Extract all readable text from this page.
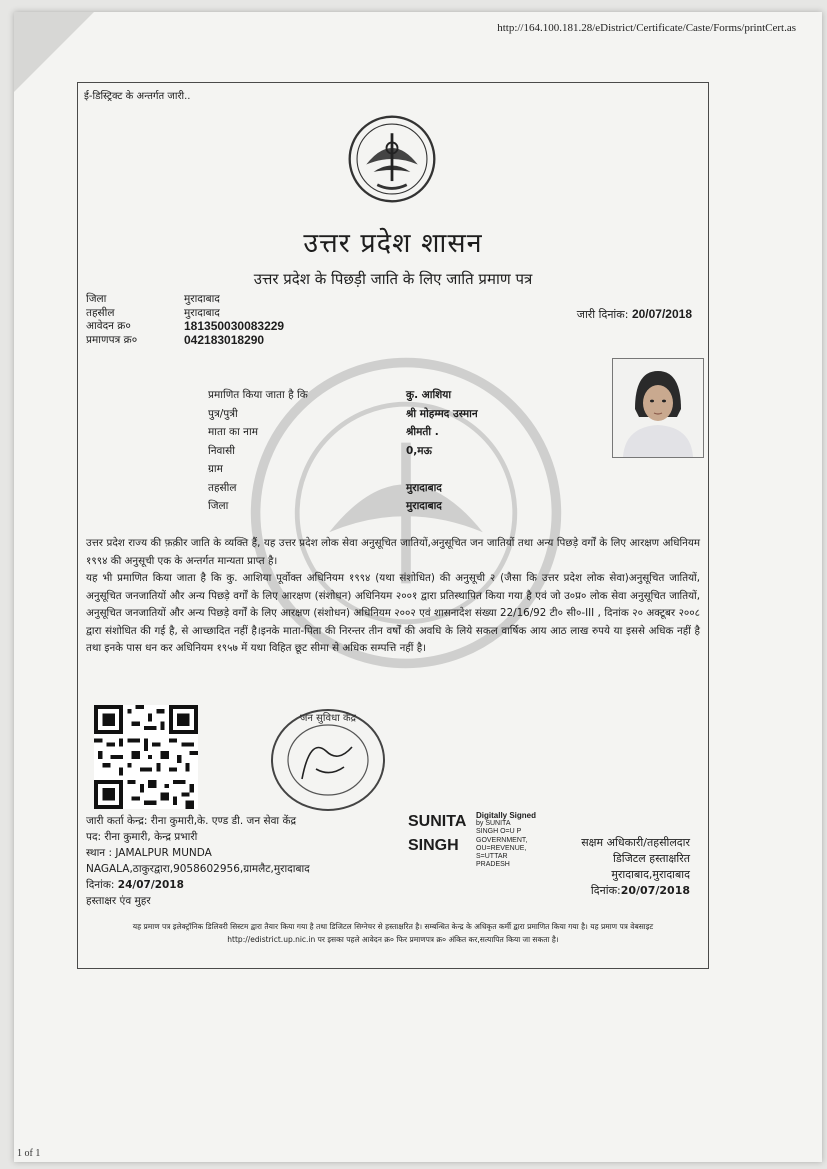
http://164.100.181.28/eDistrict/Certificate/Caste/Forms/printCert.as
ई-डिस्ट्रिक्ट के अन्तर्गत जारी..
उत्तर प्रदेश शासन
उत्तर प्रदेश के पिछड़ी जाति के लिए जाति प्रमाण पत्र
जिला	मुरादाबाद
तहसील	मुरादाबाद
आवेदन क्र०	181350030083229
प्रमाणपत्र क्र०	042183018290
जारी दिनांक: 20/07/2018
प्रमाणित किया जाता है कि	कु. आशिया
पुत्र/पुत्री	श्री मोहम्मद उस्मान
माता का नाम	श्रीमती .
निवासी	0,मऊ
ग्राम
तहसील	मुरादाबाद
जिला	मुरादाबाद
उत्तर प्रदेश राज्य की फ़क़ीर जाति के व्यक्ति हैं, यह उत्तर प्रदेश लोक सेवा अनुसूचित जातियों,अनुसूचित जन जातियों तथा अन्य पिछड़े वर्गों के लिए आरक्षण अधिनियम १९९४ की अनुसूची एक के अन्तर्गत मान्यता प्राप्त है।
यह भी प्रमाणित किया जाता है कि कु. आशिया पूर्वोक्त अधिनियम १९९४ (यथा संशोधित) की अनुसूची २ (जैसा कि उत्तर प्रदेश लोक सेवा)अनुसूचित जातियों, अनुसूचित जनजातियों और अन्य पिछड़े वर्गों के लिए आरक्षण (संशोधन) अधिनियम २००१ द्वारा प्रतिस्थापित किया गया है एवं जो उ०प्र० लोक सेवा अनुसूचित जातियों, अनुसूचित जनजातियों और अन्य पिछड़े वर्गों के लिए आरक्षण (संशोधन) अधिनियम २००२ एवं शासनादेश संख्या 22/16/92 टी० सी०-III , दिनांक २० अक्टूबर २००८ द्वारा संशोधित की गई है, से आच्छादित नहीं है।इनके माता-पिता की निरन्तर तीन वर्षों की अवधि के लिये सकल वार्षिक आय आठ लाख रुपये या इससे अधिक नहीं है तथा इनके पास धन कर अधिनियम १९५७ में यथा विहित छूट सीमा से अधिक सम्पत्ति नहीं है।
जन सुविधा केंद्र
जारी कर्ता केन्द्र: रीना कुमारी,के. एण्ड डी. जन सेवा केंद्र
पद: रीना कुमारी, केन्द्र प्रभारी
स्थान : JAMALPUR MUNDA
NAGALA,ठाकुरद्वारा,9058602956,ग्रामलैट,मुरादाबाद
दिनांक: 24/07/2018
हस्ताक्षर एंव मुहर
SUNITA
SINGH
Digitally Signed
by SUNITA
SINGH O=U P
GOVERNMENT,
OU=REVENUE,
S=UTTAR
PRADESH
सक्षम अधिकारी/तहसीलदार
डिजिटल हस्ताक्षरित
मुरादाबाद,मुरादाबाद
दिनांक:20/07/2018
यह प्रमाण पत्र इलेक्ट्रॉनिक डिलिवरी सिस्टम द्वारा तैयार किया गया है तथा डिजिटल सिग्नेचर से हस्ताक्षरित है। सम्बन्धित केन्द्र के अधिकृत कर्मी द्वारा प्रमाणित किया गया है। यह प्रमाण पत्र वेबसाइट http://edistrict.up.nic.in पर इसका पहले आवेदन क्र० फिर प्रमाणपत्र क्र० अंकित कर,सत्यापित किया जा सकता है।
1 of 1
